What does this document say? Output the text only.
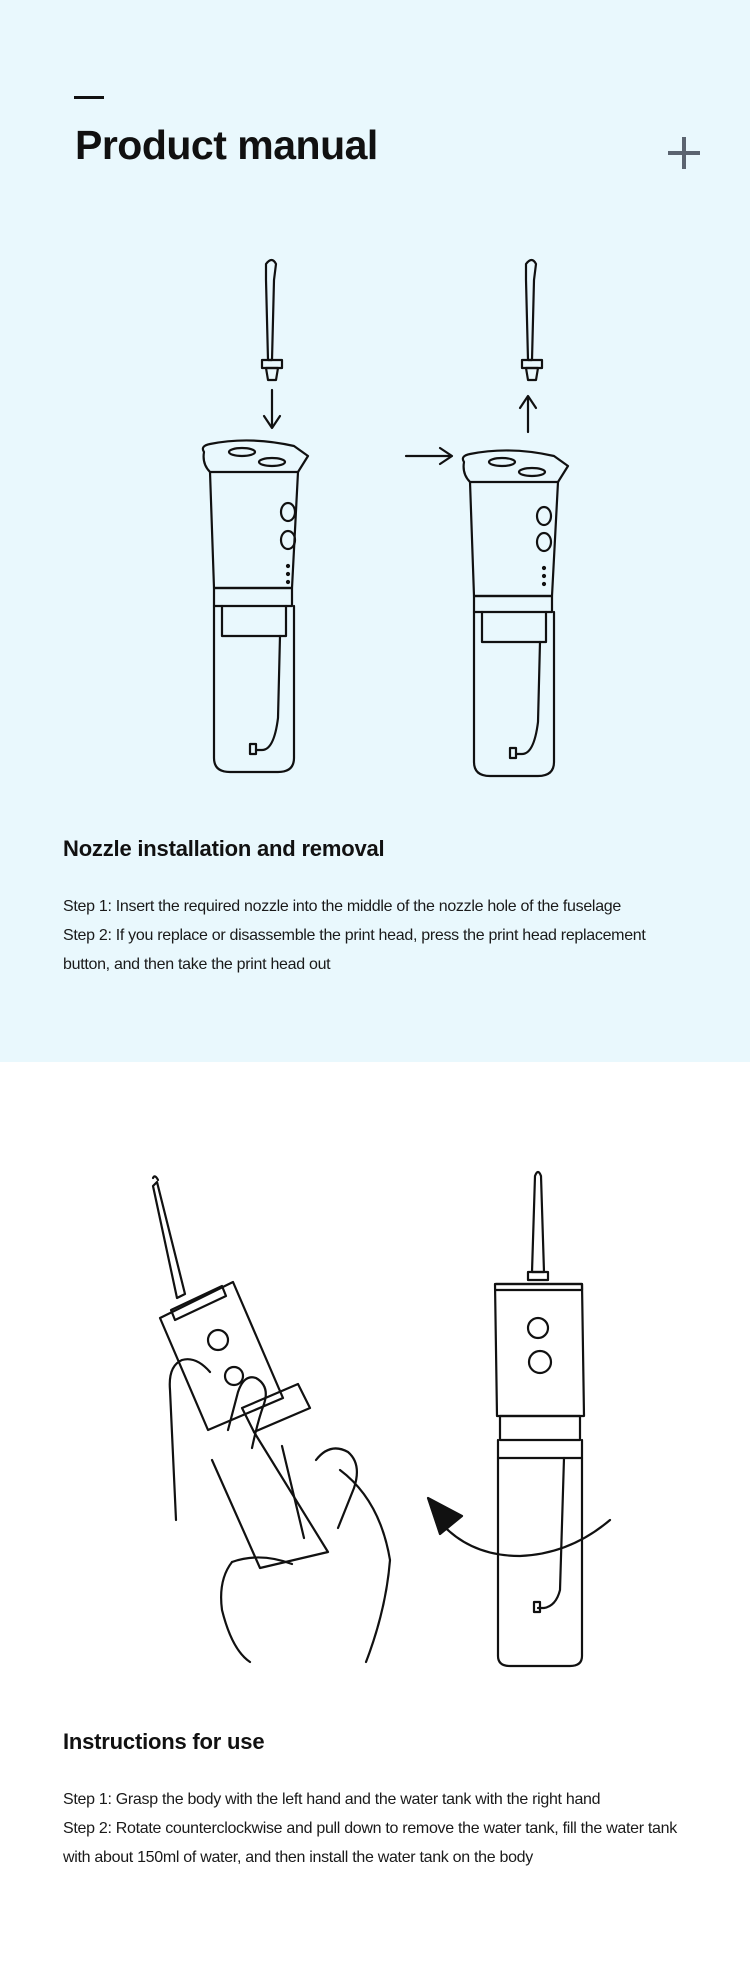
Product manual
Nozzle installation and removal

Step 1: Insert the required nozzle into the middle of the nozzle hole of the fuselage

Step 2: If you replace or disassemble the print head, press the print head replacement button, and then take the print head out

Instructions for use

Step 1: Grasp the body with the left hand and the water tank with the right hand

Step 2: Rotate counterclockwise and pull down to remove the water tank, fill the water tank with about 150ml of water, and then install the water tank on the body
